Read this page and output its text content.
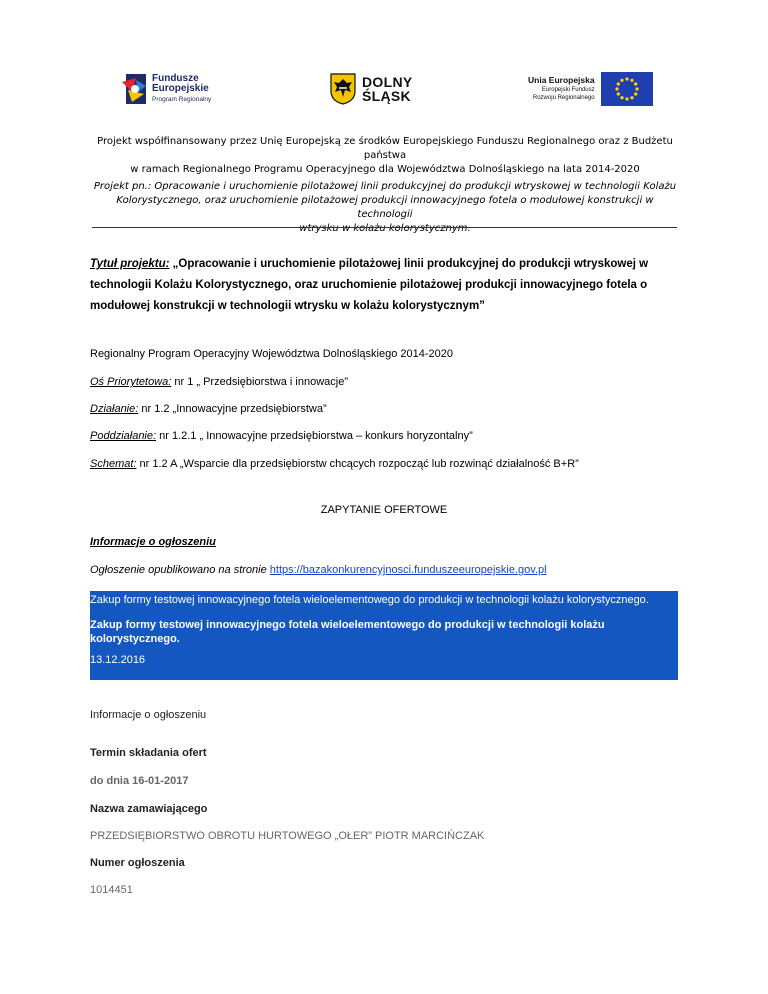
Fundusze
Europejskie
Program Regionalny
DOLNY
ŚLĄSK
Unia Europejska
Europejski Fundusz
Rozwoju Regionalnego
Projekt współfinansowany przez Unię Europejską ze środków Europejskiego Funduszu Regionalnego oraz z Budżetu państwa
w ramach Regionalnego Programu Operacyjnego dla Województwa Dolnośląskiego na lata 2014-2020
Projekt pn.: Opracowanie i uruchomienie pilotażowej linii produkcyjnej do produkcji wtryskowej w technologii Kolażu
Kolorystycznego, oraz uruchomienie pilotażowej produkcji innowacyjnego fotela o modułowej konstrukcji w technologii
wtrysku w kolażu kolorystycznym.
Tytuł projektu: „Opracowanie i uruchomienie pilotażowej linii produkcyjnej do produkcji wtryskowej w
technologii Kolażu Kolorystycznego, oraz uruchomienie pilotażowej produkcji innowacyjnego fotela o
modułowej konstrukcji w technologii wtrysku w kolażu kolorystycznym”
Regionalny Program Operacyjny Województwa Dolnośląskiego 2014-2020
Oś Priorytetowa: nr 1 „ Przedsiębiorstwa i innowacje”
Działanie: nr 1.2 „Innowacyjne przedsiębiorstwa”
Poddziałanie: nr 1.2.1 „ Innowacyjne przedsiębiorstwa – konkurs horyzontalny”
Schemat: nr 1.2 A „Wsparcie dla przedsiębiorstw chcących rozpocząć lub rozwinąć działalność B+R”
ZAPYTANIE OFERTOWE
Informacje o ogłoszeniu
Ogłoszenie opublikowano na stronie https://bazakonkurencyjnosci.funduszeeuropejskie.gov.pl
Zakup formy testowej innowacyjnego fotela wieloelementowego do produkcji w technologii kolażu kolorystycznego.
Zakup formy testowej innowacyjnego fotela wieloelementowego do produkcji w technologii kolażu kolorystycznego.
13.12.2016
Informacje o ogłoszeniu
Termin składania ofert
do dnia 16-01-2017
Nazwa zamawiającego
PRZEDSIĘBIORSTWO OBROTU HURTOWEGO „OŁER” PIOTR MARCIŃCZAK
Numer ogłoszenia
1014451
